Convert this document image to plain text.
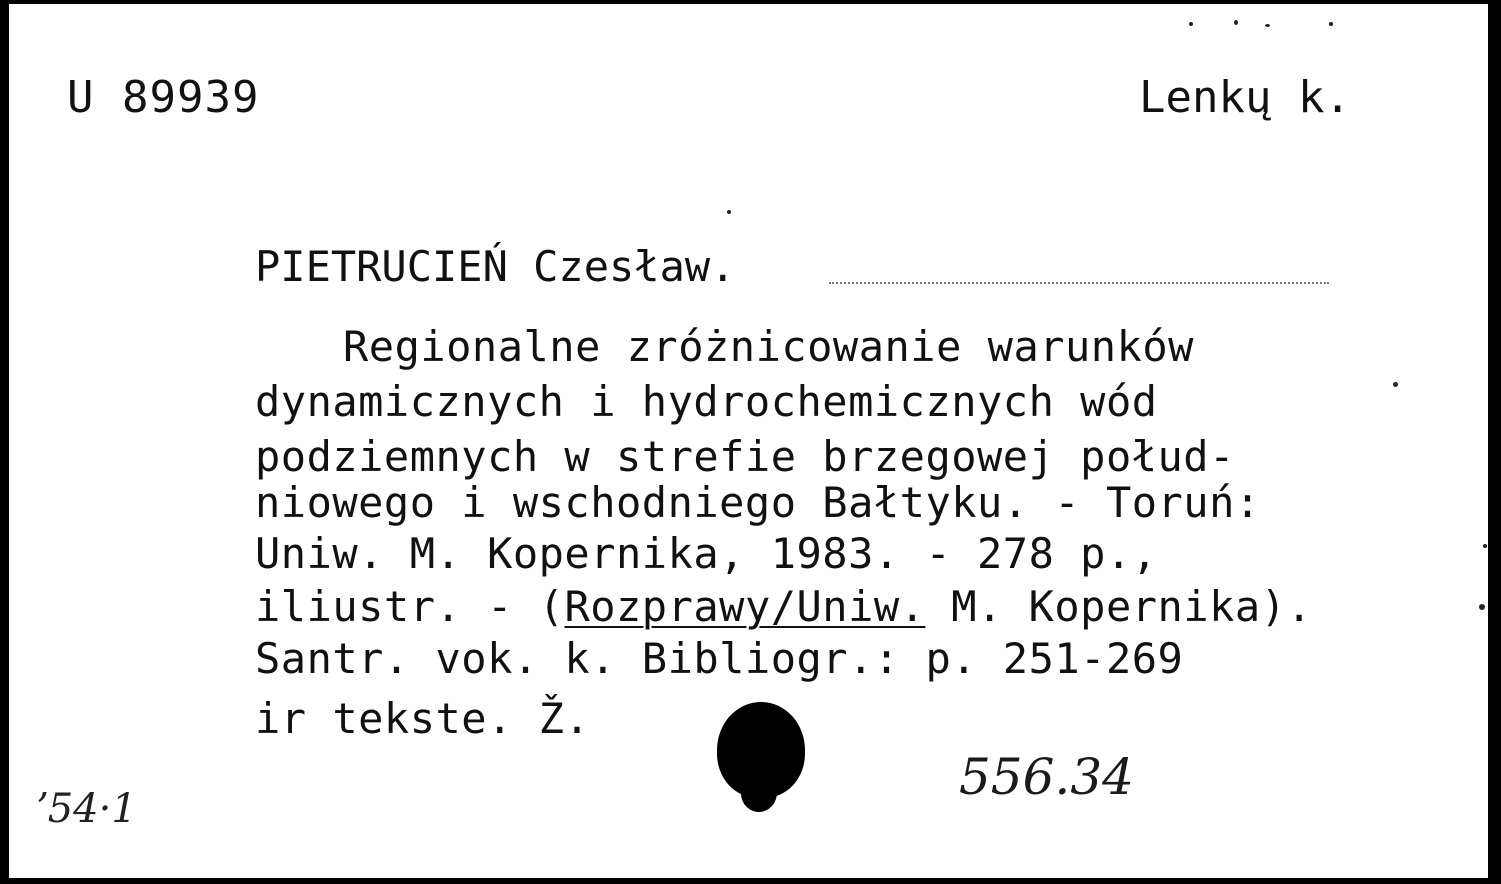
U 89939	Lenkų k.
PIETRUCIEŃ Czesław.
Regionalne zróżnicowanie warunków
dynamicznych i hydrochemicznych wód
podziemnych w strefie brzegowej połud-
niowego i wschodniego Bałtyku. - Toruń:
Uniw. M. Kopernika, 1983. - 278 p.,
iliustr. - (Rozprawy/Uniw. M. Kopernika).
Santr. vok. k. Bibliogr.: p. 251-269
ir tekste. Ž.
556.34
ʼ54·1
